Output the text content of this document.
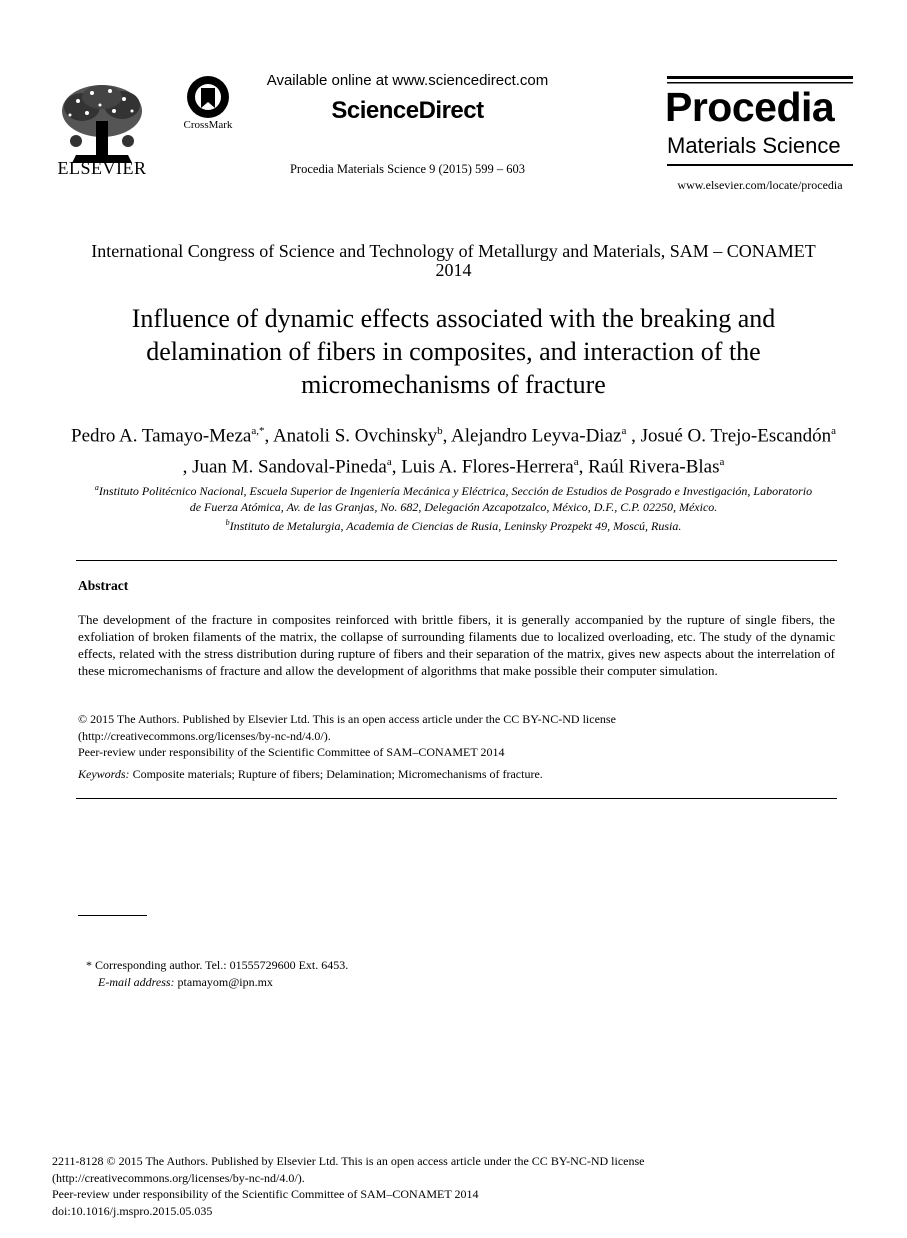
ELSEVIER
CrossMark
Available online at www.sciencedirect.com
ScienceDirect
Procedia Materials Science 9 (2015) 599 – 603
Procedia
Materials Science
www.elsevier.com/locate/procedia
International Congress of Science and Technology of Metallurgy and Materials, SAM – CONAMET 2014
Influence of dynamic effects associated with the breaking and delamination of fibers in composites, and interaction of the micromechanisms of fracture
Pedro A. Tamayo-Meza$^{a,*}$, Anatoli S. Ovchinsky$^b$, Alejandro Leyva-Diaz$^a$ , Josué O. Trejo-Escandón$^a$ , Juan M. Sandoval-Pineda$^a$, Luis A. Flores-Herrera$^a$, Raúl Rivera-Blas$^a$
$^a$Instituto Politécnico Nacional, Escuela Superior de Ingeniería Mecánica y Eléctrica, Sección de Estudios de Posgrado e Investigación, Laboratorio de Fuerza Atómica, Av. de las Granjas, No. 682, Delegación Azcapotzalco, México, D.F., C.P. 02250, México.
$^b$Instituto de Metalurgia, Academia de Ciencias de Rusia, Leninsky Prozpekt 49, Moscú, Rusia.
Abstract
The development of the fracture in composites reinforced with brittle fibers, it is generally accompanied by the rupture of single fibers, the exfoliation of broken filaments of the matrix, the collapse of surrounding filaments due to localized overloading, etc. The study of the dynamic effects, related with the stress distribution during rupture of fibers and their separation of the matrix, gives new aspects about the interrelation of these micromechanisms of fracture and allow the development of algorithms that make possible their computer simulation.
© 2015 The Authors. Published by Elsevier Ltd. This is an open access article under the CC BY-NC-ND license
(http://creativecommons.org/licenses/by-nc-nd/4.0/).
Peer-review under responsibility of the Scientific Committee of SAM–CONAMET 2014
Keywords: Composite materials; Rupture of fibers; Delamination; Micromechanisms of fracture.
* Corresponding author. Tel.: 01555729600 Ext. 6453.
E-mail address: ptamayom@ipn.mx
2211-8128 © 2015 The Authors. Published by Elsevier Ltd. This is an open access article under the CC BY-NC-ND license
(http://creativecommons.org/licenses/by-nc-nd/4.0/).
Peer-review under responsibility of the Scientific Committee of SAM–CONAMET 2014
doi:10.1016/j.mspro.2015.05.035
